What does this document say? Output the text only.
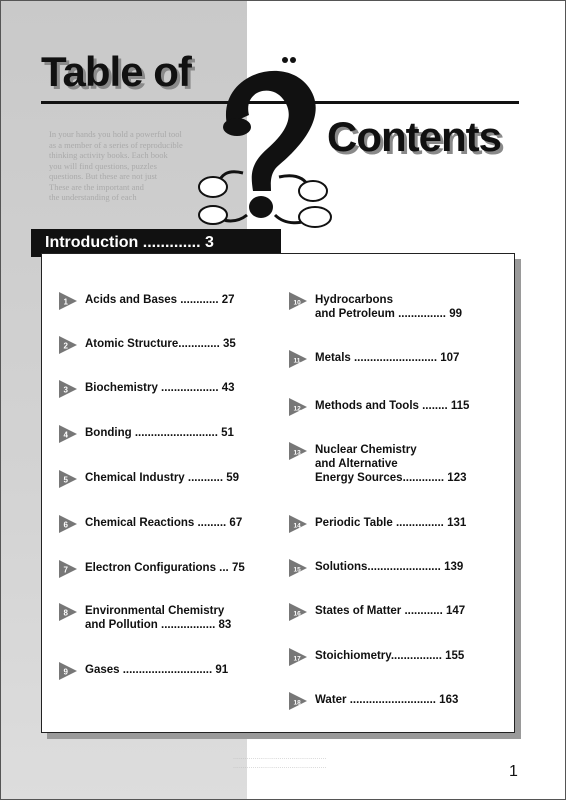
In your hands you hold a powerful tool
as a member of a series of reproducible
thinking activity books. Each book
you will find questions, puzzles
questions. But these are not just
These are the important and
the understanding of each
................................................
................................................
Table of
Contents
Introduction ............. 3
1 Acids and Bases ............ 27
2 Atomic Structure............. 35
3 Biochemistry .................. 43
4 Bonding .......................... 51
5 Chemical Industry ........... 59
6 Chemical Reactions ......... 67
7 Electron Configurations ... 75
8 Environmental Chemistry
and Pollution ................. 83
9 Gases ............................ 91
10 Hydrocarbons
and Petroleum ............... 99
11 Metals .......................... 107
12 Methods and Tools ........ 115
13 Nuclear Chemistry
and Alternative
Energy Sources............. 123
14 Periodic Table ............... 131
15 Solutions....................... 139
16 States of Matter ............ 147
17 Stoichiometry................ 155
18 Water ........................... 163
1
